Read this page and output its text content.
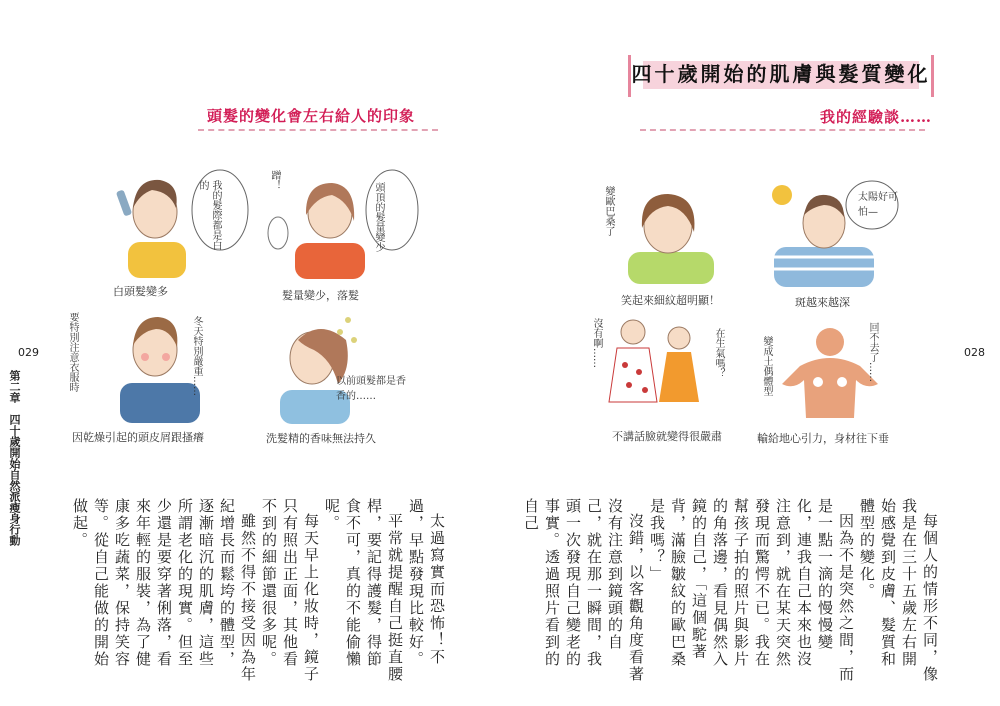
頭髮的變化會左右給人的印象
我的髮際都是白的
白頭髮變多
頭頂的髮量變少
蹭！
髮量變少，落髮
要特別注意衣服時	冬天特別嚴重……
因乾燥引起的頭皮屑跟搔癢
以前頭髮都是香香的……
洗髮精的香味無法持久
029
第二章　四十歲開始自然派瘦身行動

太過寫實而恐怖！不過，早點發現比較好。

平常就提醒自己挺直腰桿，要記得護髮，得節食不可，真的不能偷懶呢。

每天早上化妝時，鏡子只有照出正面，其他看不到的細節還很多呢。

雖然不得不接受因為年紀增長而鬆垮的體型，逐漸暗沉的肌膚，這些所謂老化的現實。但至少還是要穿著俐落，看來年輕的服裝，為了健康多吃蔬菜，保持笑容等。從自己能做的開始做起。

四十歲開始的肌膚與髮質變化
我的經驗談……
變歐巴桑了
笑起來細紋超明顯！
太陽好可怕—
斑越來越深
沒有啊……	在生氣嗎？
不講話臉就變得很嚴肅
變成土偶體型	回不去了……
輸給地心引力，身材往下垂
028

每個人的情形不同，像我是在三十五歲左右開始感覺到皮膚、髮質和體型的變化。

因為不是突然之間，而是一點一滴的慢慢變化，連我自己本來也沒注意到，就在某天突然發現而驚愕不已。我在幫孩子拍的照片與影片的角落邊，看見偶然入鏡的自己，「這個駝著背，滿臉皺紋的歐巴桑是我嗎？」

沒錯，以客觀角度看著沒有注意到鏡頭的自己，就在那一瞬間，我頭一次發現自己變老的事實。透過照片看到的自己
